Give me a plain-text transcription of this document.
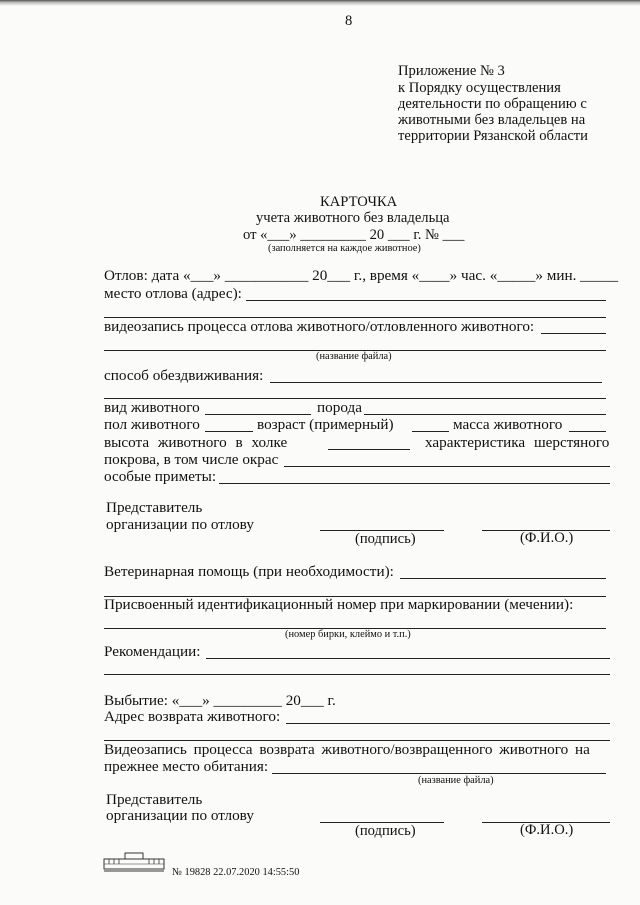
8
Приложение № 3
к Порядку осуществления
деятельности по обращению с
животными без владельцев на
территории Рязанской области
КАРТОЧКА
учета животного без владельца
от «___» _________ 20 ___ г. № ___
(заполняется на каждое животное)
Отлов: дата «___» ___________ 20___ г., время «____» час. «_____» мин. _____
место отлова (адрес):
видеозапись процесса отлова животного/отловленного животного:
(название файла)
способ обездвиживания:
вид животного	порода
пол животного	возраст (примерный)	масса животного
высота животного в холке	характеристика шерстяного
покрова, в том числе окрас
особые приметы:
Представитель
организации по отлову
(подпись)	(Ф.И.О.)
Ветеринарная помощь (при необходимости):
Присвоенный идентификационный номер при маркировании (мечении):
(номер бирки, клеймо и т.п.)
Рекомендации:
Выбытие: «___» _________ 20___ г.
Адрес возврата животного:
Видеозапись процесса возврата животного/возвращенного животного на
прежнее место обитания:
(название файла)
Представитель
организации по отлову
(подпись)	(Ф.И.О.)
№ 19828 22.07.2020 14:55:50
